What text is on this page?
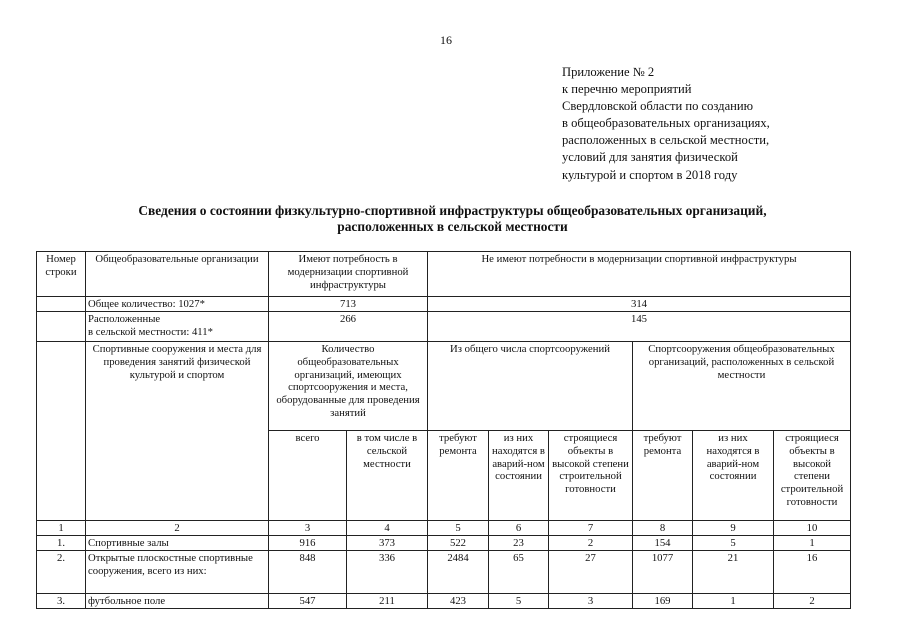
16
Приложение № 2
к перечню мероприятий
Свердловской области по созданию
в общеобразовательных организациях,
расположенных в сельской местности,
условий для занятия физической
культурой и спортом в 2018 году
Сведения о состоянии физкультурно-спортивной инфраструктуры общеобразовательных организаций,
расположенных в сельской местности
Номер строки	Общеобразовательные организации	Имеют потребность в модернизации спортивной инфраструктуры		Не имеют потребности в модернизации спортивной инфраструктуры					
	Общее количество: 1027*	713		314					

	Расположенные
в сельской местности: 411*	266		145					
	Спортивные сооружения и места для проведения занятий физической культурой и спортом	Количество общеобразовательных организаций, имеющих спортсооружения и места, оборудованные для проведения занятий		Из общего числа спортсооружений			Спортсооружения общеобразовательных организаций, расположенных в сельской местности		
		всего	в том числе в сельской местности	требуют ремонта	из них находятся в аварий-ном состоянии	строящиеся объекты в высокой степени строительной готовности	требуют ремонта	из них находятся в аварий-ном состоянии	строящиеся объекты в высокой степени строительной готовности
1	2	3	4	5	6	7	8	9	10
1.	Спортивные залы	916	373	522	23	2	154	5	1
2.	Открытые плоскостные спортивные сооружения, всего из них:	848	336	2484	65	27	1077	21	16
3.	футбольное поле	547	211	423	5	3	169	1	2
